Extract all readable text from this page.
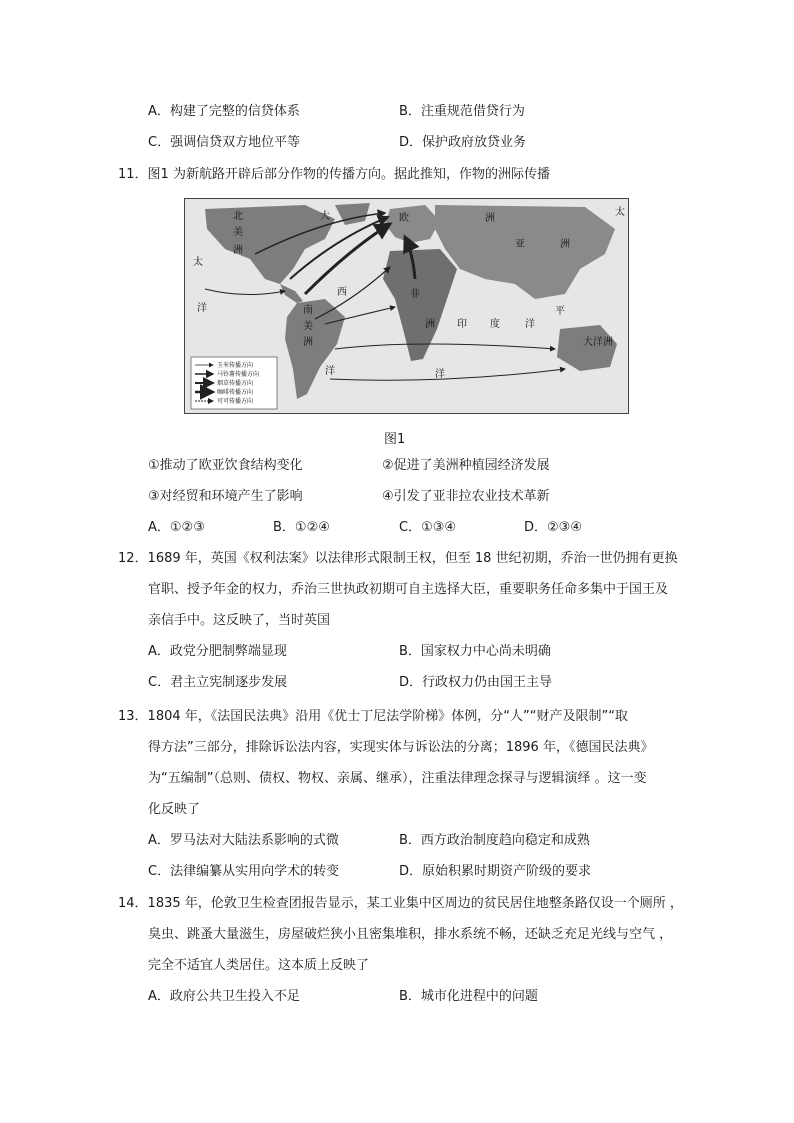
A．构建了完整的信贷体系	B．注重规范借贷行为
C．强调信贷双方地位平等	D．保护政府放贷业务
11．图1 为新航路开辟后部分作物的传播方向。据此推知，作物的洲际传播
北
美
洲
太
大	欧	洲
亚	洲
太
西
南
美
洲
非
洲 印 度	洋
洋	平
洋
大洋洲
洋
玉米传播方向
马铃薯传播方向
烟草传播方向
咖啡传播方向
可可传播方向
图1
①推动了欧亚饮食结构变化	②促进了美洲种植园经济发展
③对经贸和环境产生了影响	④引发了亚非拉农业技术革新
A．①②③	B．①②④	C．①③④	D．②③④
12．1689 年，英国《权利法案》以法律形式限制王权，但至 18 世纪初期，乔治一世仍拥有更换
官职、授予年金的权力，乔治三世执政初期可自主选择大臣，重要职务任命多集中于国王及
亲信手中。这反映了，当时英国
A．政党分肥制弊端显现	B．国家权力中心尚未明确
C．君主立宪制逐步发展	D．行政权力仍由国王主导
13．1804 年，《法国民法典》沿用《优士丁尼法学阶梯》体例，分“人”“财产及限制”“取
得方法”三部分，排除诉讼法内容，实现实体与诉讼法的分离；1896 年，《德国民法典》
为“五编制”（总则、债权、物权、亲属、继承），注重法律理念探寻与逻辑演绎 。这一变
化反映了
A．罗马法对大陆法系影响的式微	B．西方政治制度趋向稳定和成熟
C．法律编纂从实用向学术的转变	D．原始积累时期资产阶级的要求
14．1835 年，伦敦卫生检查团报告显示，某工业集中区周边的贫民居住地整条路仅设一个厕所 ，
臭虫、跳蚤大量滋生，房屋破烂狭小且密集堆积，排水系统不畅，还缺乏充足光线与空气 ，
完全不适宜人类居住。这本质上反映了
A．政府公共卫生投入不足	B．城市化进程中的问题
